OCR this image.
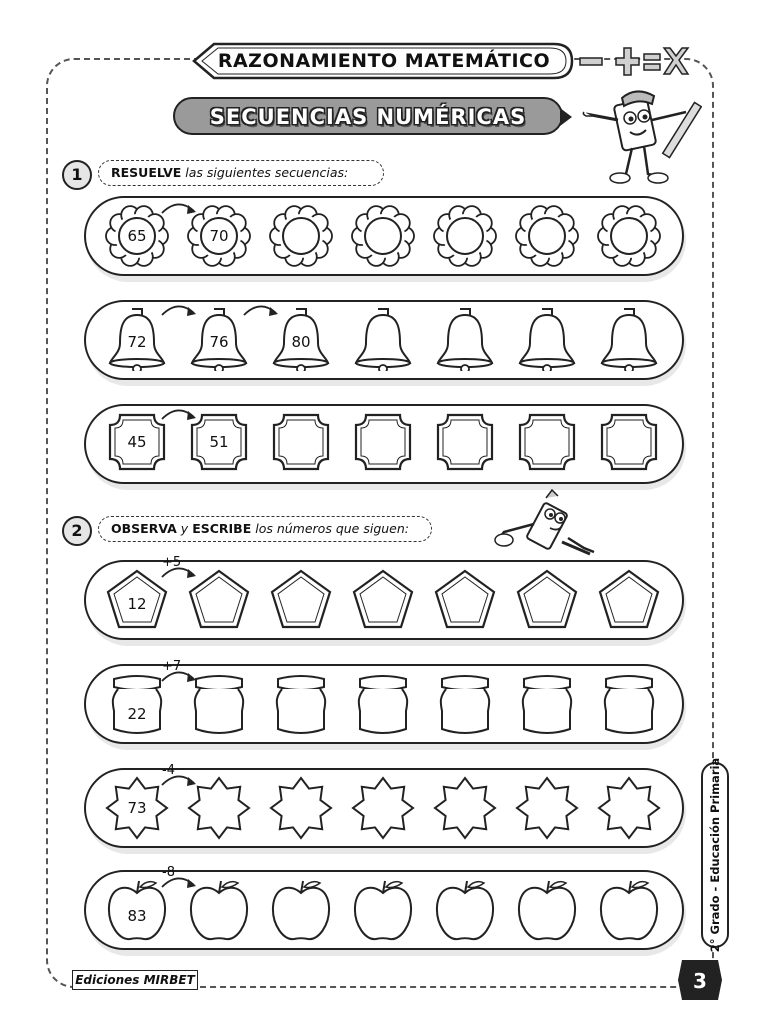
RAZONAMIENTO MATEMÁTICO
SECUENCIAS NUMÉRICAS
1	RESUELVE las siguientes secuencias:
2	OBSERVA y ESCRIBE los números que siguen:
65	70
72	76	80
45	51
12
+5
22
+7
73
-4
83
-8	2° Grado - Educación Primaria
Ediciones MIRBET	3
